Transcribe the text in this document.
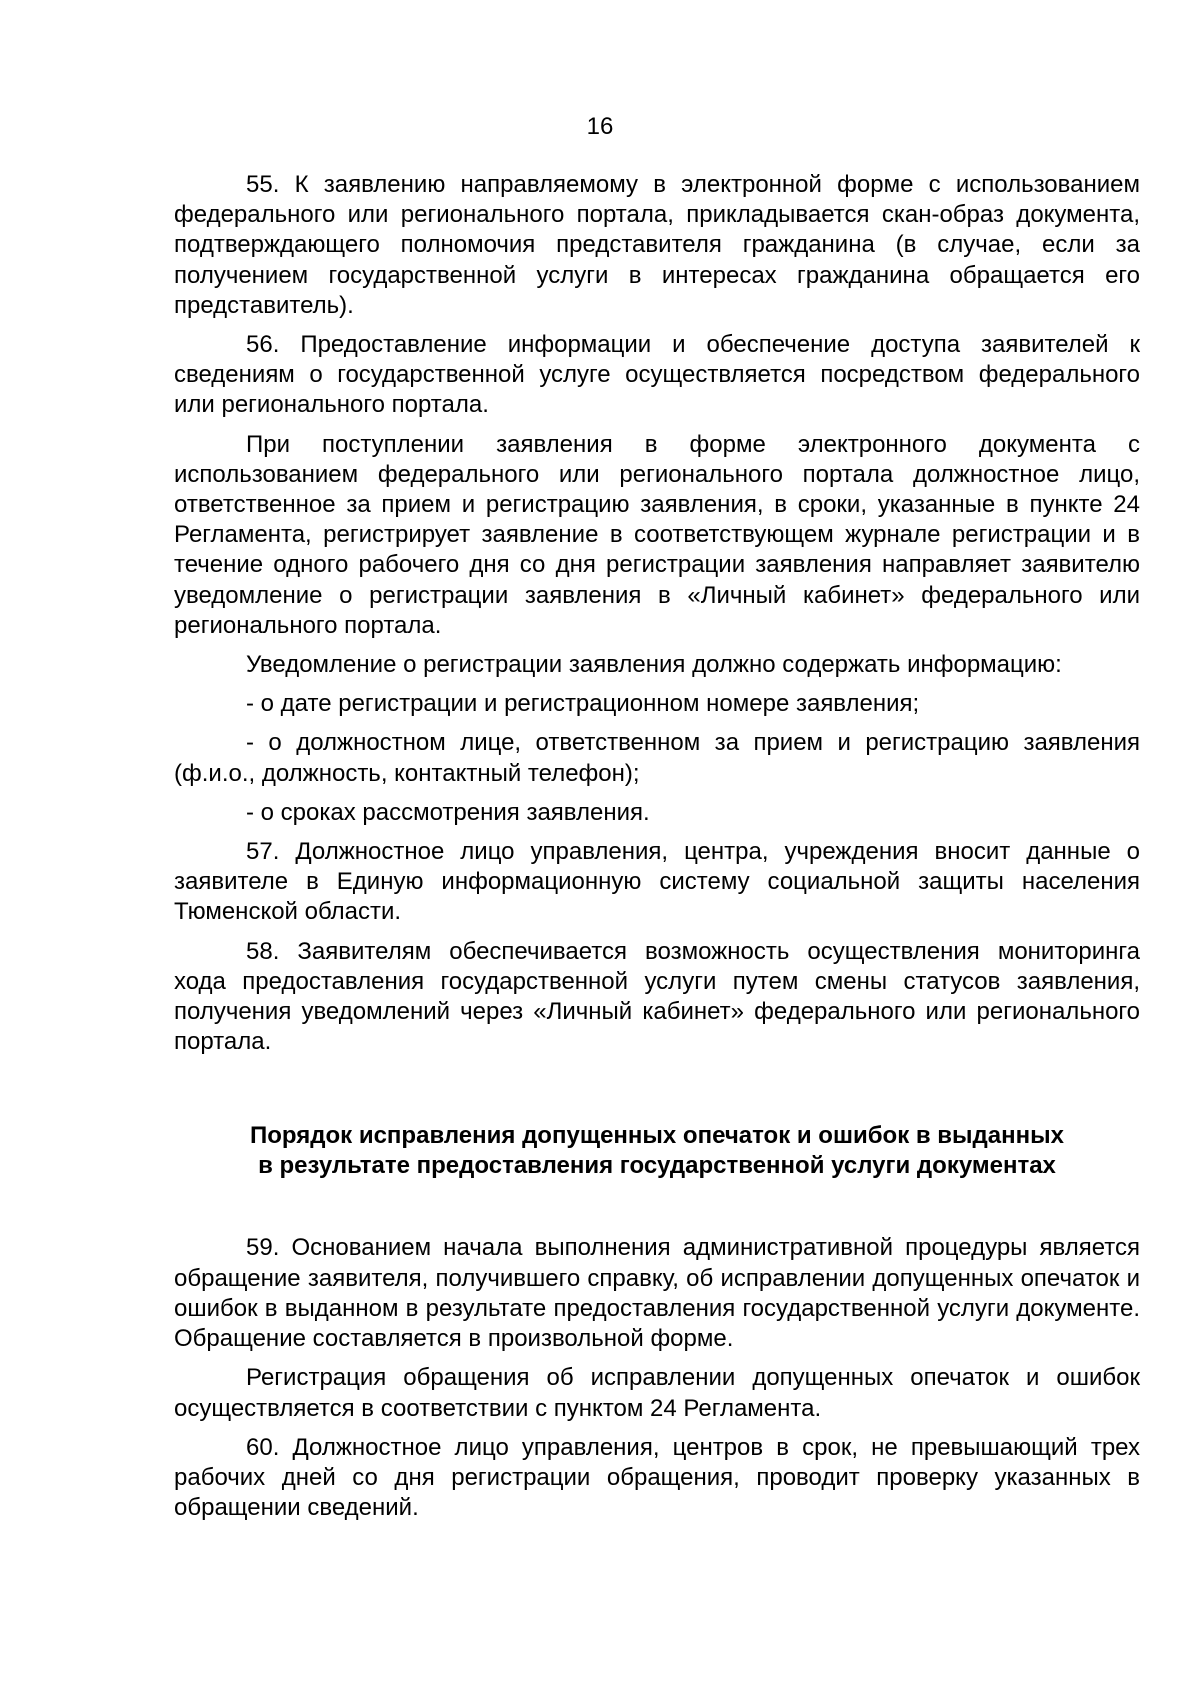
16

55. К заявлению направляемому в электронной форме с использованием федерального или регионального портала, прикладывается скан-образ документа, подтверждающего полномочия представителя гражданина (в случае, если за получением государственной услуги в интересах гражданина обращается его представитель).

56. Предоставление информации и обеспечение доступа заявителей к сведениям о государственной услуге осуществляется посредством федерального или регионального портала.

При поступлении заявления в форме электронного документа с использованием федерального или регионального портала должностное лицо, ответственное за прием и регистрацию заявления, в сроки, указанные в пункте 24 Регламента, регистрирует заявление в соответствующем журнале регистрации и в течение одного рабочего дня со дня регистрации заявления направляет заявителю уведомление о регистрации заявления в «Личный кабинет» федерального или регионального портала.

Уведомление о регистрации заявления должно содержать информацию:

- о дате регистрации и регистрационном номере заявления;

- о должностном лице, ответственном за прием и регистрацию заявления (ф.и.о., должность, контактный телефон);

- о сроках рассмотрения заявления.

57. Должностное лицо управления, центра, учреждения вносит данные о заявителе в Единую информационную систему социальной защиты населения Тюменской области.

58. Заявителям обеспечивается возможность осуществления мониторинга хода предоставления государственной услуги путем смены статусов заявления, получения уведомлений через «Личный кабинет» федерального или регионального портала.

Порядок исправления допущенных опечаток и ошибок в выданных

в результате предоставления государственной услуги документах

59. Основанием начала выполнения административной процедуры является обращение заявителя, получившего справку, об исправлении допущенных опечаток и ошибок в выданном в результате предоставления государственной услуги документе. Обращение составляется в произвольной форме.

Регистрация обращения об исправлении допущенных опечаток и ошибок осуществляется в соответствии с пунктом 24 Регламента.

60. Должностное лицо управления, центров в срок, не превышающий трех рабочих дней со дня регистрации обращения, проводит проверку указанных в обращении сведений.
